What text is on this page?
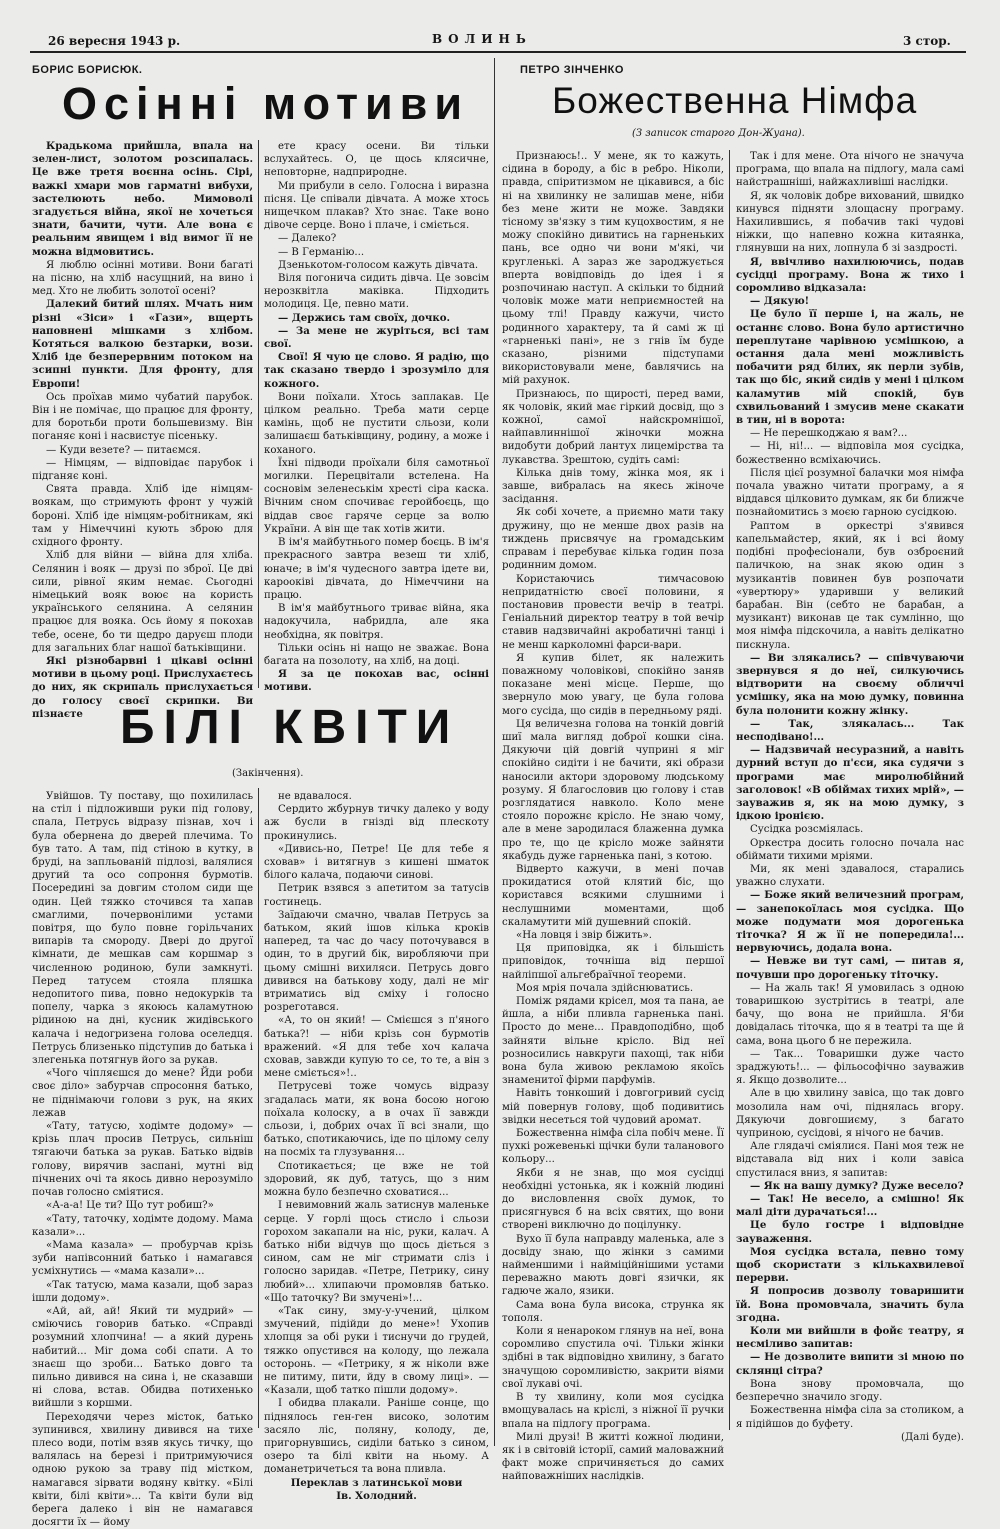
26 вересня 1943 р.	ВОЛИНЬ	3 стор.
БОРИС БОРИСЮК.
Осінні мотиви

Крадькома прийшла, впала на зелен-лист, золотом розсипалась. Це вже третя воєнна осінь. Сірі, важкі хмари мов гарматні вибухи, застелюють небо. Мимоволі згадується війна, якої не хочеться знати, бачити, чути. Але вона є реальним явищем і від вимог її не можна відмовитись.

Я люблю осінні мотиви. Вони багаті на пісню, на хліб насущний, на вино і мед. Хто не любить золотої осені?

Далекий битий шлях. Мчать ним різні «Зіси» і «Гази», вщерть наповнені мішками з хлібом. Котяться валкою безтарки, вози. Хліб іде безперервним потоком на зсипні пункти. Для фронту, для Европи!

Ось проїхав мимо чубатий парубок. Він і не помічає, що працює для фронту, для боротьби проти большевизму. Він поганяє коні і насвистує пісеньку.

— Куди везете? — питаємся.

— Німцям, — відповідає парубок і підганяє коні.

Свята правда. Хліб іде німцям-воякам, що стримують фронт у чужій бороні. Хліб іде німцям-робітникам, які там у Німеччині кують зброю для східного фронту.

Хліб для війни — війна для хліба. Селянин і вояк — друзі по зброї. Це дві сили, рівної яким немає. Сьогодні німецький вояк воює на користь українського селянина. А селянин працює для вояка. Ось йому я покохав тебе, осене, бо ти щедро даруєш плоди для загальних благ нашої батьківщини.

Які різнобарвні і цікаві осінні мотиви в цьому році. Прислухаєтесь до них, як скрипаль прислухається до голосу своєї скрипки. Ви пізнаєте

ете красу осени. Ви тільки вслухайтесь. О, це щось клясичне, неповторне, надприродне.

Ми прибули в село. Голосна і виразна пісня. Це співали дівчата. А може хтось нищечком плакав? Хто знає. Таке воно дівоче серце. Воно і плаче, і сміється.

— Далеко?

— В Германію...

Дзенькотом-голосом кажуть дівчата.

Віля погонича сидить дівча. Це зовсім нерозквітла маківка. Підходить молодиця. Це, певно мати.

— Держись там своїх, дочко.

— За мене не журіться, всі там свої.

Свої! Я чую це слово. Я радію, що так сказано твердо і зрозуміло для кожного.

Вони поїхали. Хтось заплакав. Це цілком реально. Треба мати серце камінь, щоб не пустити сльози, коли залишаєш батьківщину, родину, а може і коханого.

Їхні підводи проїхали біля самотньої могилки. Перецвітали встелена. На сосновім зеленеськім хресті сіра каска. Вічним сном спочиває геройбоєць, що віддав своє гаряче серце за волю України. А він ще так хотів жити.

В ім'я майбутнього помер боєць. В ім'я прекрасного завтра везеш ти хліб, юначе; в ім'я чудесного завтра ідете ви, карооківі дівчата, до Німеччини на працю.

В ім'я майбутнього триває війна, яка надокучила, набридла, але яка необхідна, як повітря.

Тільки осінь ні нащо не зважає. Вона багата на позолоту, на хліб, на доці.

Я за це покохав вас, осінні мотиви.

БІЛІ КВІТИ
(Закінчення).

Увійшов. Ту поставу, що похилилась на стіл і підложивши руки під голову, спала, Петрусь відразу пізнав, хоч і була обернена до дверей плечима. То був тато. А там, під стіною в кутку, в бруді, на запльованій підлозі, валялися другий та осо сопроння бурмотів. Посередині за довгим столом сиди ще один. Цей тяжко сточився та хапав смаглими, почервонілими устами повітря, що було повне горільчаних випарів та смороду. Двері до другої кімнати, де мешкав сам коршмар з численною родиною, були замкнуті. Перед татусем стояла пляшка недопитого пива, повно недокурків та попелу, чарка з якоюсь каламутною рідиною на дні, кусник жидівського калача і недогризена голова оселедця. Петрусь близенько підступив до батька і злегенька потягнув його за рукав.

«Чого чіпляєшся до мене? Йди роби своє діло» забурчав спросоння батько, не піднімаючи голови з рук, на яких лежав

«Тату, татусю, ходімте додому» — крізь плач просив Петрусь, сильніш тягаючи батька за рукав. Батько відвів голову, вирячив заспані, мутні від пічнених очі та якось дивно нерозуміло почав голосно сміятися.

«А-а-а! Це ти? Що тут робиш?»

«Тату, таточку, ходімте додому. Мама казали»...

«Мама казала» — пробурчав крізь зуби напівсонний батько і намагався усміхнутись — «мама казали»...

«Так татусю, мама казали, щоб зараз ішли додому».

«Ай, ай, ай! Який ти мудрий» — сміючись говорив батько. «Справді розумний хлопчина! — а який дурень набитий... Міг дома собі спати. А то знаєш що зроби... Батько довго та пильно дивився на сина і, не сказавши ні слова, встав. Обидва потихенько вийшли з коршми.

Переходячи через місток, батько зупинився, хвилину дивився на тихе плесо води, потім взяв якусь тичку, що валялась на березі і притримуючися одною рукою за траву під містком, намагався зірвати водяну квітку. «Білі квіти, білі квіти»... Та квіти були від берега далеко і він не намагався досягти їх — йому

не вдавалося.

Сердито жбурнув тичку далеко у воду аж бусли в гнізді від плескоту прокинулись.

«Дивись-но, Петре! Це для тебе я сховав» і витягнув з кишені шматок білого калача, подаючи синові.

Петрик взявся з апетитом за татусів гостинець.

Заїдаючи смачно, чвалав Петрусь за батьком, який ішов кілька кроків наперед, та час до часу поточувався в один, то в другий бік, виробляючи при цьому смішні вихиляси. Петрусь довго дивився на батькову ходу, далі не міг втриматись від сміху і голосно розреготався.

«А, то он який! — Смієшся з п'яного батька?! — ніби крізь сон бурмотів вражений. «Я для тебе хоч калача сховав, завжди купую то се, то те, а він з мене сміється»!..

Петрусеві тоже чомусь відразу згадалась мати, як вона босою ногою поїхала колоску, а в очах її завжди сльози, і, добрих очах її всі знали, що батько, спотикаючись, іде по цілому селу на посміх та глузування...

Спотикається; це вже не той здоровий, як дуб, татусь, що з ним можна було безпечно сховатися...

І невимовний жаль затиснув маленьке серце. У горлі щось стисло і сльози горохом закапали на ніс, руки, калач. А батько ніби відчув що щось діється з сином, сам не міг стримати сліз і голосно заридав. «Петре, Петрику, сину любий»... хлипаючи промовляв батько. «Що таточку? Ви змучені»!...

«Так сину, зму-у-учений, цілком змучений, підійди до мене»! Ухопив хлопця за обі руки і тиснучи до грудей, тяжко опустився на колоду, що лежала осторонь. — «Петрику, я ж ніколи вже не питиму, пити, йду в свому лиці». — «Казали, щоб татко пішли додому».

І обидва плакали. Раніше сонце, що піднялось ген-ген високо, золотим засяло ліс, поляну, колоду, де, пригорнувшись, сиділи батько з сином, озеро та білі квіти на ньому. А доманетричеться та вона пливла.

Переклав з латинської мови

Ів. Холодний.

ПЕТРО ЗІНЧЕНКО
Божественна Німфа
(З записок старого Дон-Жуана).

Признаюсь!.. У мене, як то кажуть, сідина в бороду, а біс в ребро. Ніколи, правда, спіритизмом не цікавився, а біс ні на хвилинку не залишав мене, ніби без мене жити не може. Завдяки тісному зв'язку з тим куцохвостим, я не можу спокійно дивитись на гарненьких пань, все одно чи вони м'які, чи кругленькі. А зараз же зароджується вперта вовідповідь до ідея і я розпочинаю наступ. А скільки то бідний чоловік може мати неприємностей на цьому тлі! Правду кажучи, чисто родинного характеру, та й самі ж ці «гарненькі пані», не з гнів їм буде сказано, різними підступами використовували мене, бавлячись на мій рахунок.

Признаюсь, по щирості, перед вами, як чоловік, який має гіркий досвід, що з кожної, самої найскромнішої, найпавлиннішої жіночки можна видобути добрий лантух лицемірства та лукавства. Зрештою, судіть самі:

Кілька днів тому, жінка моя, як і завше, вибралась на якесь жіноче засідання.

Як собі хочете, а приємно мати таку дружину, що не менше двох разів на тиждень присвячує на громадським справам і перебуває кілька годин поза родинним домом.

Користаючись тимчасовою непридатністю своєї половини, я постановив провести вечір в театрі. Геніальний директор театру в той вечір ставив надзвичайні акробатичні танці і не менш карколомні фарси-вари.

Я купив білет, як належить поважному чоловікові, спокійно заняв показане мені місце. Перше, що звернуло мою увагу, це була голова мого сусіда, що сидів в передньому ряді.

Ця величезна голова на тонкій довгій шиї мала вигляд доброї кошки сіна. Дякуючи цій довгій чуприні я міг спокійно сидіти і не бачити, які образи наносили актори здоровому людському розуму. Я благословив цю голову і став розглядатися навколо. Коло мене стояло порожнє крісло. Не знаю чому, але в мене зародилася блаженна думка про те, що це крісло може зайняти якабудь дуже гарненька пані, з котою.

Відверто кажучи, в мені почав прокидатися отой клятий біс, що користався всякими слушними і неслушними моментами, щоб скаламутити мій душевний спокій.

«На ловця і звір біжить».

Ця приповідка, як і більшість приповідок, точніша від першої найліпшої альгебраїчної теореми.

Моя мрія почала здійснюватись.

Поміж рядами крісел, моя та пана, ае йшла, а ніби пливла гарненька пані. Просто до мене... Правдоподібно, щоб зайняти вільне крісло. Від неї розносились навкруги пахощі, так ніби вона була живою рекламою якоїсь знаменитої фірми парфумів.

Навіть тонкоший і довгогривий сусід мій повернув голову, щоб подивитись звідки несеться той чудовий аромат.

Божественна німфа сіла побіч мене. Її пухкі рожевенькі щічки були таланового кольору...

Якби я не знав, що моя сусідці необхідні устонька, як і кожній людині до висловлення своїх думок, то присягнувся б на всіх святих, що вони створені виключно до поцілунку.

Вухо її була направду маленька, але з досвіду знаю, що жінки з самими найменшими і найміційнішими устами переважно мають довгі язички, як гадюче жало, язики.

Сама вона була висока, струнка як тополя.

Коли я ненароком глянув на неї, вона соромливо спустила очі. Тільки жінки здібні в так відповідно хвилину, з багато значущою соромливістю, закрити віями свої лукаві очі.

В ту хвилину, коли моя сусідка вмощувалась на кріслі, з ніжної її ручки впала на підлогу програма.

Милі друзі! В житті кожної людини, як і в світовій історії, самий маловажний факт може спричиняється до самих найповажніших наслідків.

Так і для мене. Ота нічого не значуча програма, що впала на підлогу, мала самі найстрашніші, найжахливіші наслідки.

Я, як чоловік добре вихований, швидко кинувся підняти злощасну програму. Нахилившись, я побачив такі чудові ніжки, що напевно кожна китаянка, глянувши на них, лопнула б зі заздрості.

Я, ввічливо нахилюючись, подав сусідці програму. Вона ж тихо і соромливо відказала:

— Дякую!

Це було її перше і, на жаль, не останнє слово. Вона було артистично переплутане чарівною усмішкою, а остання дала мені можливість побачити ряд білих, як перли зубів, так що біс, який сидів у мені і цілком каламутив мій спокій, був схвильований і змусив мене скакати в тин, ні в ворота:

— Не перешкоджаю я вам?...

— Ні, ні!... — відповіла моя сусідка, божественно всміхаючись.

Після цієї розумної балачки моя німфа почала уважно читати програму, а я віддався цілковито думкам, як би ближче познайомитись з моєю гарною сусідкою.

Раптом в оркестрі з'явився капельмайстер, який, як і всі йому подібні професіонали, був озброєний паличкою, на знак якою один з музикантів повинен був розпочати «увертюру» ударивши у великий барабан. Він (себто не барабан, а музикант) виконав це так сумлінно, що моя німфа підскочила, а навіть делікатно пискнула.

— Ви злякались? — співчуваючи звернувся я до неї, силкуючись відтворити на своєму обличчі усмішку, яка на мою думку, повинна була полонити кожну жінку.

— Так, злякалась... Так несподівано!...

— Надзвичай несуразний, а навіть дурний вступ до п'єси, яка судячи з програми має миролюбійний заголовок! «В обіймах тихих мрій», — зауважив я, як на мою думку, з ідкою іронією.

Сусідка розсміялась.

Оркестра досить голосно почала нас обіймати тихими мріями.

Ми, як мені здавалося, старались уважно слухати.

— Боже який величезний програм, — занепокоїлась моя сусідка. Що може подумати моя дорогенька тіточка? Я ж її не попередила!... нервуючись, додала вона.

— Невже ви тут самі, — питав я, почувши про дорогеньку тіточку.

— На жаль так! Я умовилась з одною товаришкою зустрітись в театрі, але бачу, що вона не прийшла. Я'би довідалась тіточка, що я в театрі та ще й сама, вона цього б не пережила.

— Так... Товаришки дуже часто зраджують!... — фільософічно зауважив я. Якщо дозволите...

Але в цю хвилину завіса, що так довго мозолила нам очі, піднялась вгору. Дякуючи довгошиєму, з багато чуприною, сусідові, я нічого не бачив.

Але глядачі сміялися. Пані моя теж не відставала від них і коли завіса спустилася вниз, я запитав:

— Як на вашу думку? Дуже весело?

— Так! Не весело, а смішно! Як малі діти дурачаться!...

Це було гостре і відповідне зауваження.

Моя сусідка встала, певно тому щоб скористати з кількахвилевої перерви.

Я попросив дозволу товаришити їй. Вона промовчала, значить була згодна.

Коли ми вийшли в фойє театру, я несміливо запитав:

— Не дозволите випити зі мною по склянці сітра?

Вона знову промовчала, що безперечно значило згоду.

Божественна німфа сіла за столиком, а я підійшов до буфету.

(Далі буде).
